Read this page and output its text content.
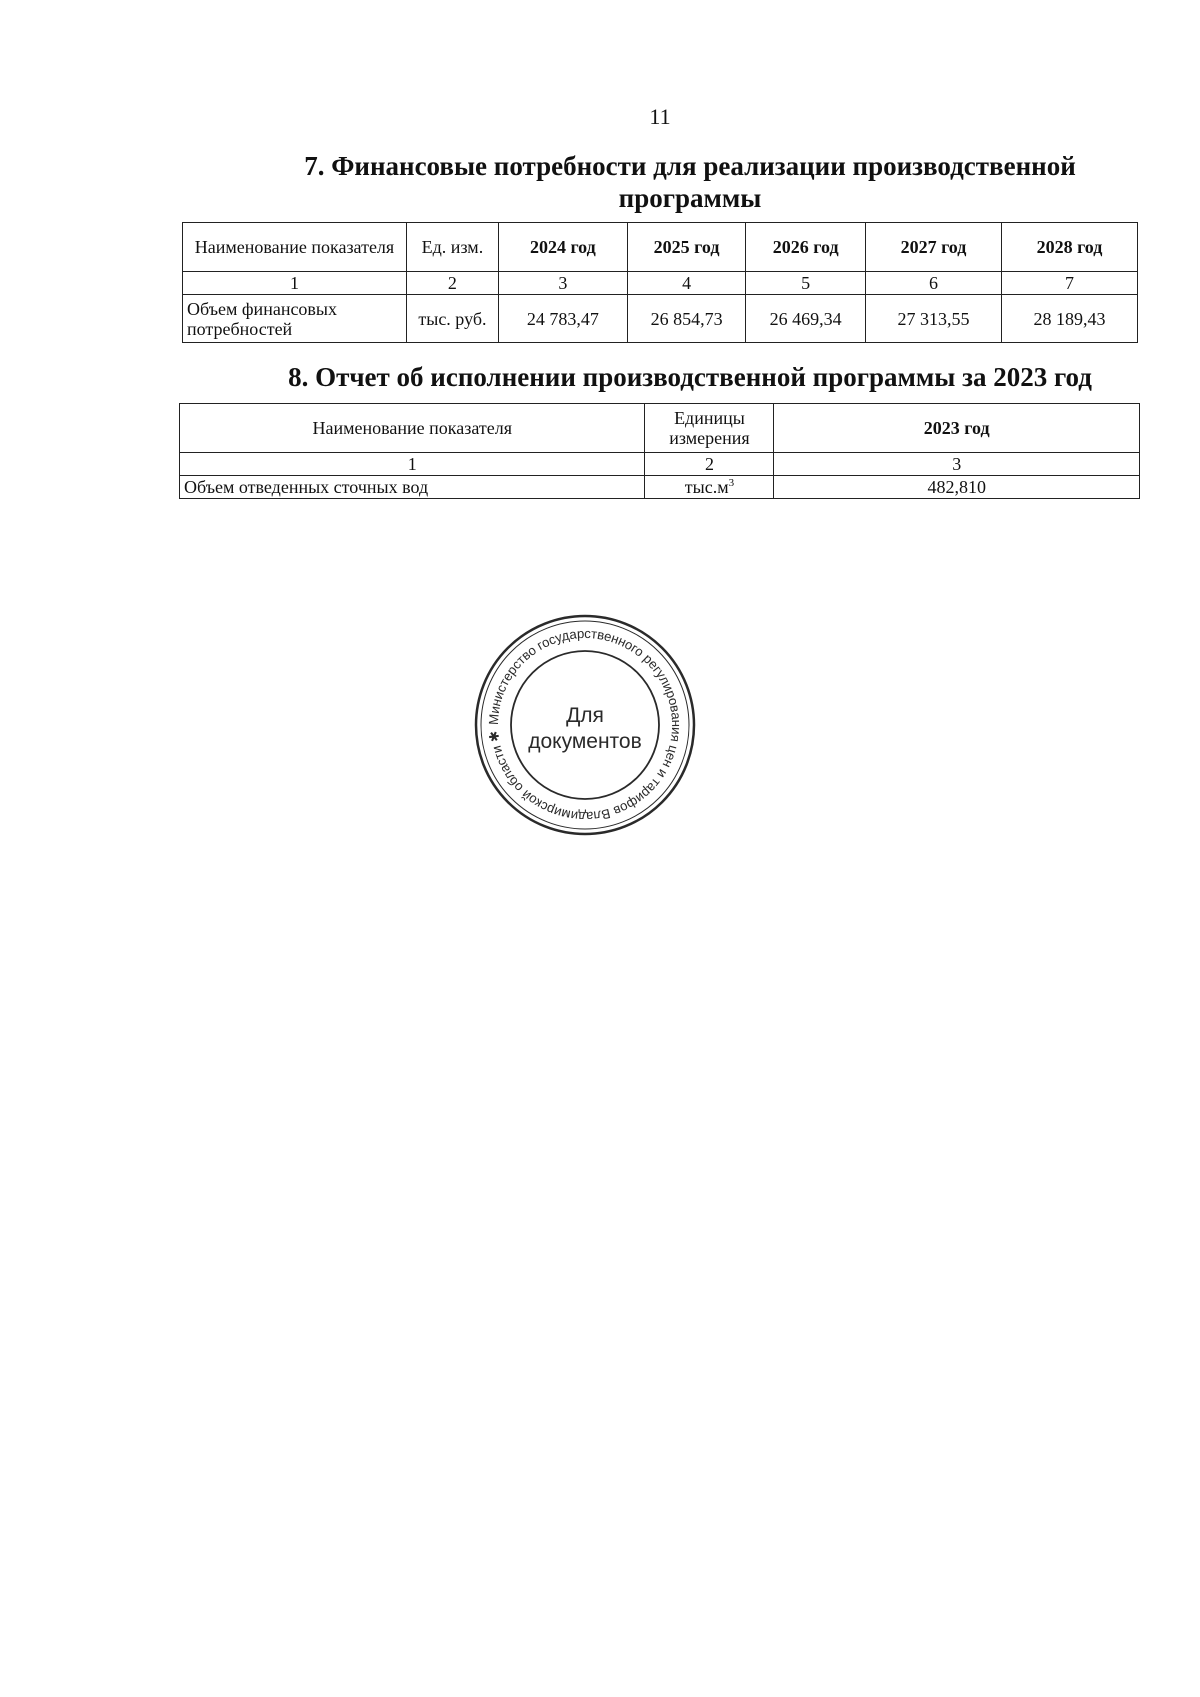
11
7. Финансовые потребности для реализации производственной
программы
Наименование показателя	Ед. изм.	2024 год	2025 год	2026 год	2027 год	2028 год
1	2	3	4	5	6	7
Объем финансовых потребностей	тыс. руб.	24 783,47	26 854,73	26 469,34	27 313,55	28 189,43
8. Отчет об исполнении производственной программы за 2023 год
Наименование показателя	Единицы измерения	2023 год
1	2	3
Объем отведенных сточных вод	$тыс.м^3$	482,810
Министерство государственного регулирования цен и тарифов Владимирской области ✱
Для
документов
